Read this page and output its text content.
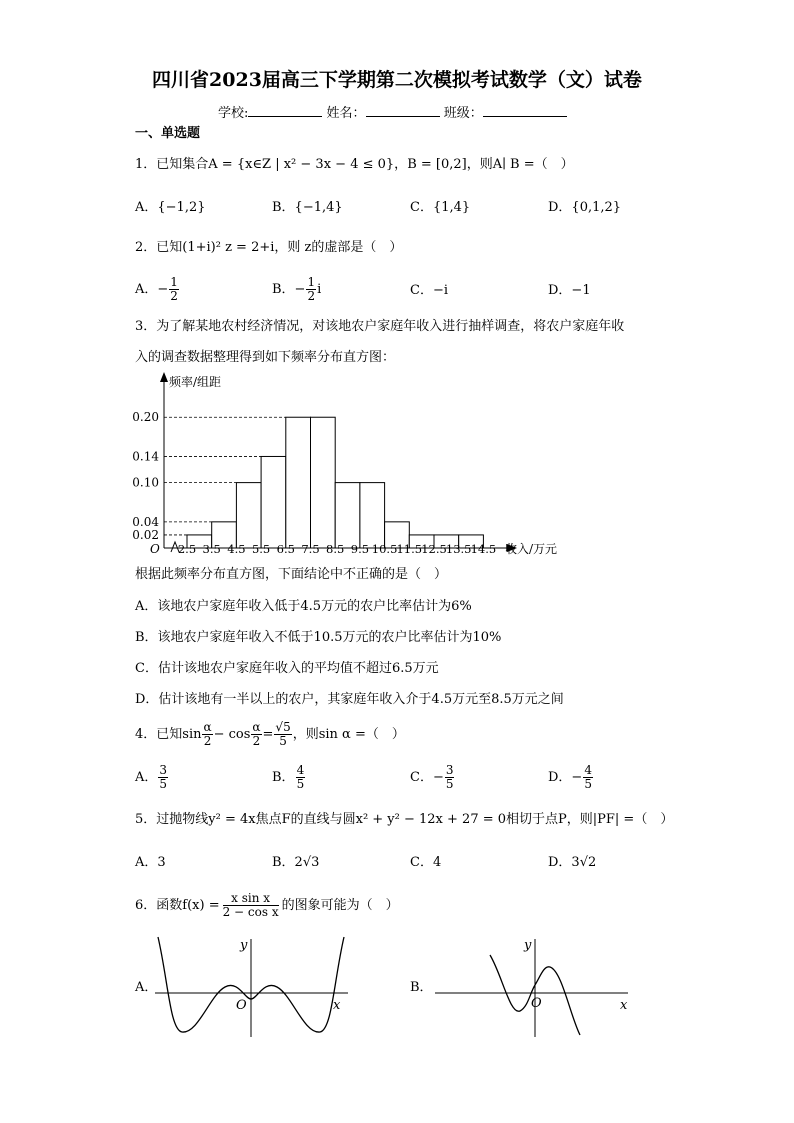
四川省2023届高三下学期第二次模拟考试数学（文）试卷
学校:	姓名：	班级：
一、单选题
1．已知集合A = {x∈Z | x² − 3x − 4 ≤ 0}，B = [0,2]，则A∣ B =（　）
A．{−1,2}	B．{−1,4}	C．{1,4}	D．{0,1,2}
2．已知(1+i)² z = 2+i，则 z的虚部是（　）
A．− $\frac{1}{2}$	B．− $\frac{1}{2}$ i	C．−i	D．−1
3．为了解某地农村经济情况，对该地农户家庭年收入进行抽样调查，将农户家庭年收
入的调查数据整理得到如下频率分布直方图：
频率/组距
收入/万元
O
0.20
0.14
0.10
0.04
0.02
2.5 3.5 4.5 5.5 6.5 7.5 8.5 9.5 10.5 11.5 12.5 13.5 14.5
根据此频率分布直方图，下面结论中不正确的是（　）
A．该地农户家庭年收入低于4.5万元的农户比率估计为6%
B．该地农户家庭年收入不低于10.5万元的农户比率估计为10%
C．估计该地农户家庭年收入的平均值不超过6.5万元
D．估计该地有一半以上的农户，其家庭年收入介于4.5万元至8.5万元之间
4．已知$\sin \frac{\alpha}{2} - \cos \frac{\alpha}{2} = \frac{√5}{5}$ ，则sin α =（　）
A． $\frac{3}{5}$	B． $\frac{4}{5}$	C．− $\frac{3}{5}$	D．− $\frac{4}{5}$
5．过抛物线y² = 4x焦点F的直线与圆x² + y² − 12x + 27 = 0相切于点P，则|PF| =（　）
A．3	B．2√3	C．4	D．3√2
6．函数$f(x) = \frac{\text{x sin x}}{\text{2 − cos x}}$ 的图象可能为（　）
A．
y
x
O
B．
y
x
O
